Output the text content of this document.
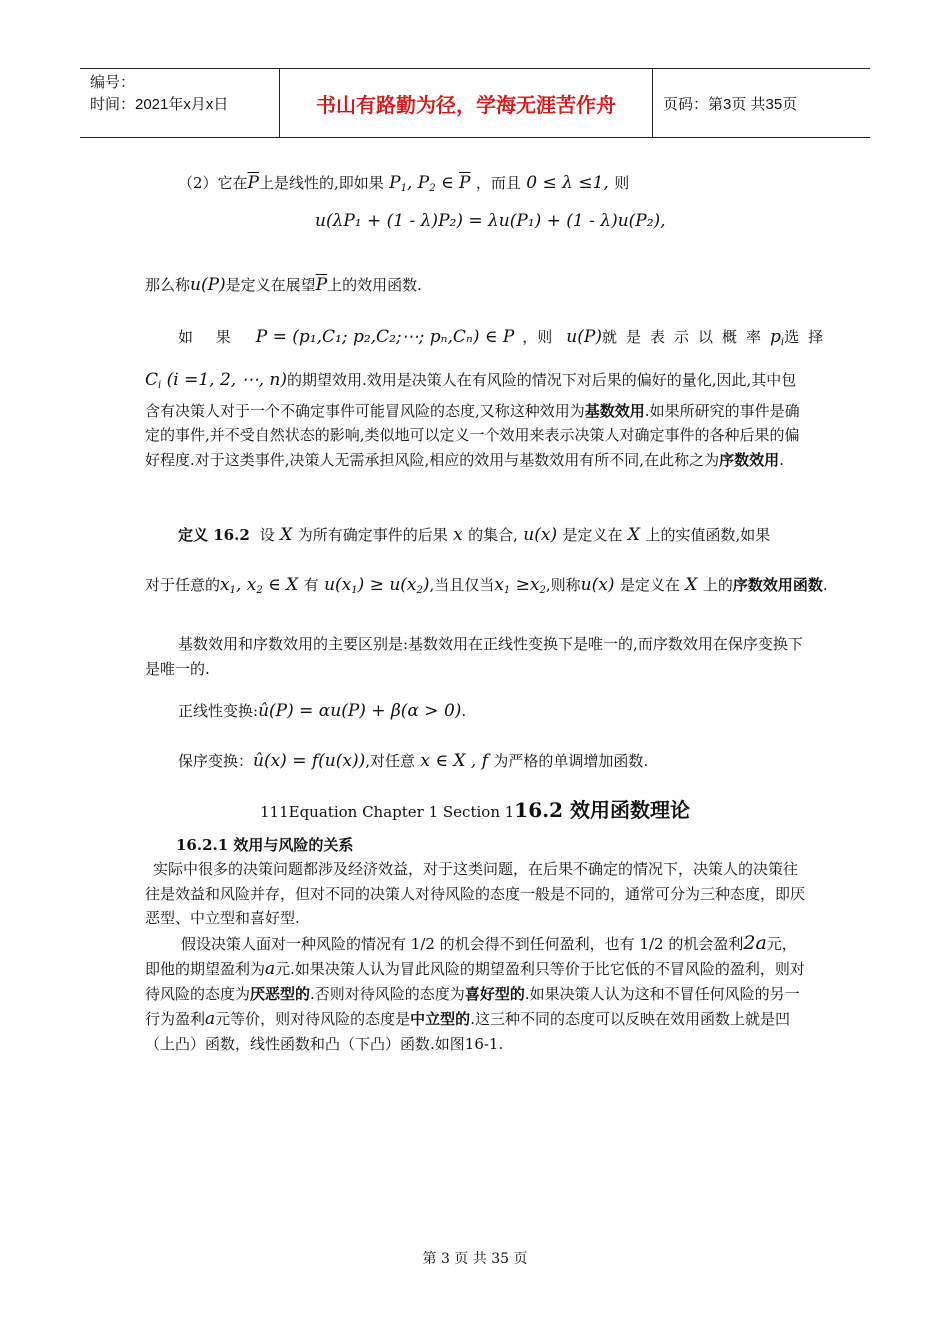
编号：
时间：2021年x月x日	书山有路勤为径，学海无涯苦作舟	页码：第3页 共35页
（2）它在$\overline{P}$上是线性的,即如果 $P_1$, $P_2$ ∈ $\overline{P}$ ，而且 0 ≤ λ ≤1, 则
u(λP₁ + (1 - λ)P₂) = λu(P₁) + (1 - λ)u(P₂),
那么称u(P)是定义在展望$\overline{P}$上的效用函数.
如 果 P = (p₁,C₁; p₂,C₂;⋯; pₙ,Cₙ) ∈ P ，则 u(P)就是表示以概率$p_i$选择
$C_i$ (i =1, 2, ⋯, n)的期望效用.效用是决策人在有风险的情况下对后果的偏好的量化,因此,其中包含有决策人对于一个不确定事件可能冒风险的态度,又称这种效用为基数效用.如果所研究的事件是确定的事件,并不受自然状态的影响,类似地可以定义一个效用来表示决策人对确定事件的各种后果的偏好程度.对于这类事件,决策人无需承担风险,相应的效用与基数效用有所不同,在此称之为序数效用.
定义 16.2 设 X 为所有确定事件的后果 x 的集合, u(x) 是定义在 X 上的实值函数,如果
对于任意的$x_1$, $x_2$ ∈ X 有 $u(x_1) \ge u(x_2)$,当且仅当$x_1 \ge x_2$,则称u(x) 是定义在 X 上的序数效用函数.
基数效用和序数效用的主要区别是:基数效用在正线性变换下是唯一的,而序数效用在保序变换下是唯一的.
正线性变换:û(P) = αu(P) + β(α > 0).
保序变换：û(x) = f(u(x)),对任意 x ∈ X , f 为严格的单调增加函数.
111Equation Chapter 1 Section 116.2 效用函数理论
16.2.1 效用与风险的关系
实际中很多的决策问题都涉及经济效益，对于这类问题，在后果不确定的情况下，决策人的决策往往是效益和风险并存，但对不同的决策人对待风险的态度一般是不同的，通常可分为三种态度，即厌恶型、中立型和喜好型.
假设决策人面对一种风险的情况有 1/2 的机会得不到任何盈利，也有 1/2 的机会盈利2a元，即他的期望盈利为a元.如果决策人认为冒此风险的期望盈利只等价于比它低的不冒风险的盈利，则对待风险的态度为厌恶型的.否则对待风险的态度为喜好型的.如果决策人认为这和不冒任何风险的另一行为盈利a元等价，则对待风险的态度是中立型的.这三种不同的态度可以反映在效用函数上就是凹（上凸）函数，线性函数和凸（下凸）函数.如图16-1.
第 3 页 共 35 页
